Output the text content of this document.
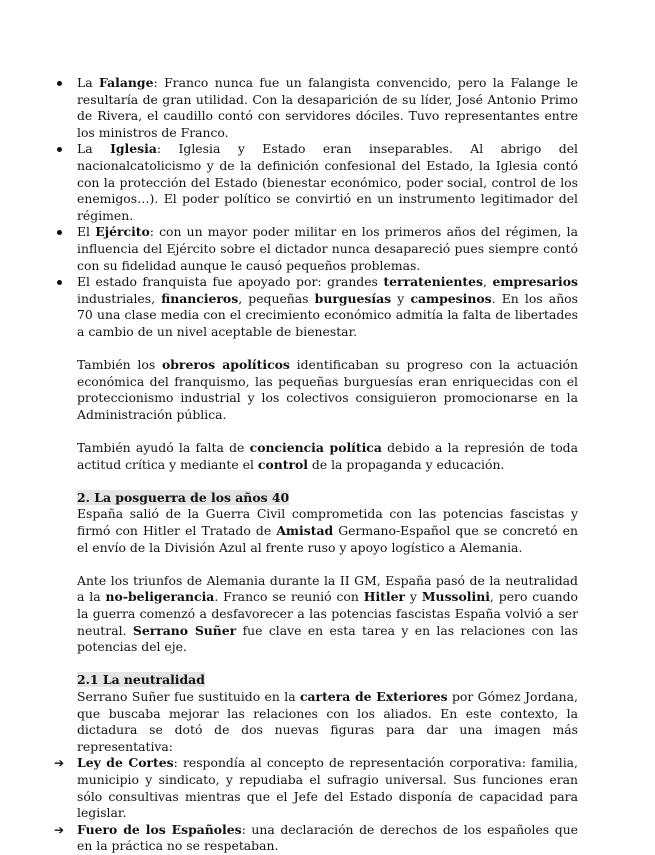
La Falange: Franco nunca fue un falangista convencido, pero la Falange le resultaría de gran utilidad. Con la desaparición de su líder, José Antonio Primo de Rivera, el caudillo contó con servidores dóciles. Tuvo representantes entre los ministros de Franco.

La Iglesia: Iglesia y Estado eran inseparables. Al abrigo del nacionalcatolicismo y de la definición confesional del Estado, la Iglesia contó con la protección del Estado (bienestar económico, poder social, control de los enemigos…). El poder político se convirtió en un instrumento legitimador del régimen.

El Ejército: con un mayor poder militar en los primeros años del régimen, la influencia del Ejército sobre el dictador nunca desapareció pues siempre contó con su fidelidad aunque le causó pequeños problemas.

El estado franquista fue apoyado por: grandes terratenientes, empresarios industriales, financieros, pequeñas burguesías y campesinos. En los años 70 una clase media con el crecimiento económico admitía la falta de libertades a cambio de un nivel aceptable de bienestar.

También los obreros apolíticos identificaban su progreso con la actuación económica del franquismo, las pequeñas burguesías eran enriquecidas con el proteccionismo industrial y los colectivos consiguieron promocionarse en la Administración pública.

También ayudó la falta de conciencia política debido a la represión de toda actitud crítica y mediante el control de la propaganda y educación.

2. La posguerra de los años 40

España salió de la Guerra Civil comprometida con las potencias fascistas y firmó con Hitler el Tratado de Amistad Germano-Español que se concretó en el envío de la División Azul al frente ruso y apoyo logístico a Alemania.

Ante los triunfos de Alemania durante la II GM, España pasó de la neutralidad a la no-beligerancia. Franco se reunió con Hitler y Mussolini, pero cuando la guerra comenzó a desfavorecer a las potencias fascistas España volvió a ser neutral. Serrano Suñer fue clave en esta tarea y en las relaciones con las potencias del eje.

2.1 La neutralidad

Serrano Suñer fue sustituido en la cartera de Exteriores por Gómez Jordana, que buscaba mejorar las relaciones con los aliados. En este contexto, la dictadura se dotó de dos nuevas figuras para dar una imagen más representativa:

➔	Ley de Cortes: respondía al concepto de representación corporativa: familia, municipio y sindicato, y repudiaba el sufragio universal. Sus funciones eran sólo consultivas mientras que el Jefe del Estado disponía de capacidad para legislar.

➔	Fuero de los Españoles: una declaración de derechos de los españoles que en la práctica no se respetaban.
